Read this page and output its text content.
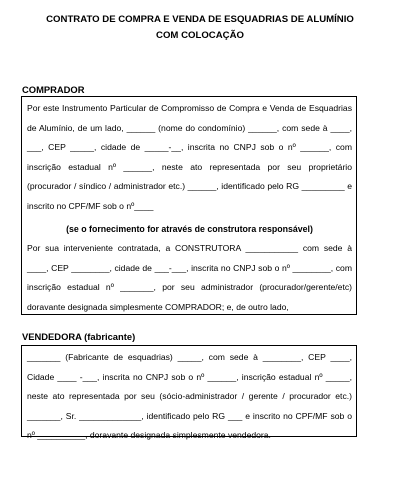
CONTRATO DE COMPRA E VENDA DE ESQUADRIAS DE ALUMÍNIO
COM COLOCAÇÃO
COMPRADOR

Por este Instrumento Particular de Compromisso de Compra e Venda de Esquadrias de Alumínio, de um lado, ______ (nome do condomínio) ______, com sede à ____, ___, CEP _____, cidade de _____-__, inscrita no CNPJ sob o nº ______, com inscrição estadual nº ______, neste ato representada por seu proprietário (procurador / síndico / administrador etc.) ______, identificado pelo RG _________ e inscrito no CPF/MF sob o nº____

(se o fornecimento for através de construtora responsável)

Por sua interveniente contratada, a CONSTRUTORA ___________ com sede à ____, CEP ________, cidade de ___-___, inscrita no CNPJ sob o nº ________, com inscrição estadual nº _______, por seu administrador (procurador/gerente/etc) doravante designada simplesmente COMPRADOR; e, de outro lado,

VENDEDORA (fabricante)

_______ (Fabricante de esquadrias) _____, com sede à ________, CEP ____, Cidade ____ -___, inscrita no CNPJ sob o nº ______, inscrição estadual nº _____, neste ato representada por seu (sócio-administrador / gerente / procurador etc.) _______, Sr. _____________, identificado pelo RG ___ e inscrito no CPF/MF sob o nº __________, doravante designada simplesmente vendedora.
